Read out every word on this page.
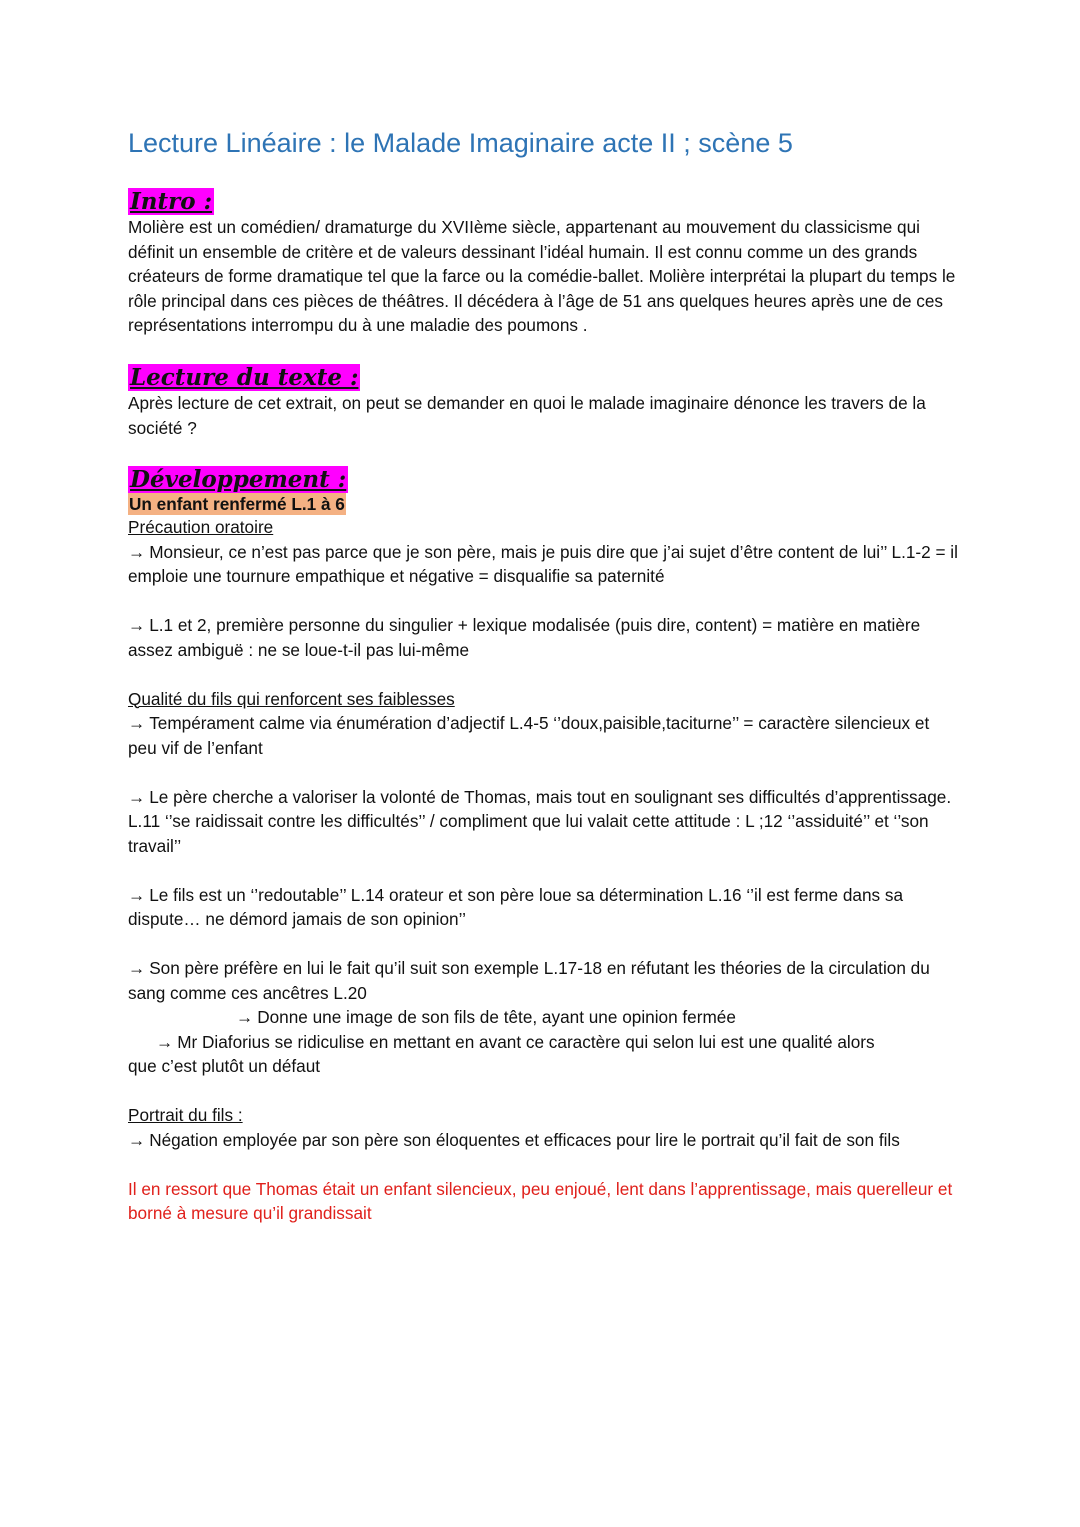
Lecture Linéaire : le Malade Imaginaire acte II ; scène 5
Intro :

Molière est un comédien/ dramaturge du XVIIème siècle, appartenant au mouvement du classicisme qui définit un ensemble de critère et de valeurs dessinant l’idéal humain. Il est connu comme un des grands créateurs de forme dramatique tel que la farce ou la comédie-ballet. Molière interprétai la plupart du temps le rôle principal dans ces pièces de théâtres. Il décédera à l’âge de 51 ans quelques heures après une de ces représentations interrompu du à une maladie des poumons .

Lecture du texte :

Après lecture de cet extrait, on peut se demander en quoi le malade imaginaire dénonce les travers de la société ?

Développement :
Un enfant renfermé L.1 à 6

Précaution oratoire

→ Monsieur, ce n’est pas parce que je son père, mais je puis dire que j’ai sujet d’être content de lui’’ L.1-2 = il emploie une tournure empathique et négative = disqualifie sa paternité

→ L.1 et 2, première personne du singulier + lexique modalisée (puis dire, content) = matière en matière assez ambiguë : ne se loue-t-il pas lui-même

Qualité du fils qui renforcent ses faiblesses

→ Tempérament calme via énumération d’adjectif L.4-5 ‘’doux,paisible,taciturne’’ = caractère silencieux et peu vif de l’enfant

→ Le père cherche a valoriser la volonté de Thomas, mais tout en soulignant ses difficultés d’apprentissage. L.11 ‘’se raidissait contre les difficultés’’ / compliment que lui valait cette attitude : L ;12 ‘’assiduité’’ et ‘’son travail’’

→ Le fils est un ‘’redoutable’’ L.14 orateur et son père loue sa détermination L.16 ‘’il est ferme dans sa dispute… ne démord jamais de son opinion’’

→ Son père préfère en lui le fait qu’il suit son exemple L.17-18 en réfutant les théories de la circulation du sang comme ces ancêtres L.20

→ Donne une image de son fils de tête, ayant une opinion fermée

→ Mr Diaforius se ridiculise en mettant en avant ce caractère qui selon lui est une qualité alors

que c’est plutôt un défaut

Portrait du fils :

→ Négation employée par son père son éloquentes et efficaces pour lire le portrait qu’il fait de son fils

Il en ressort que Thomas était un enfant silencieux, peu enjoué, lent dans l’apprentissage, mais querelleur et borné à mesure qu’il grandissait
